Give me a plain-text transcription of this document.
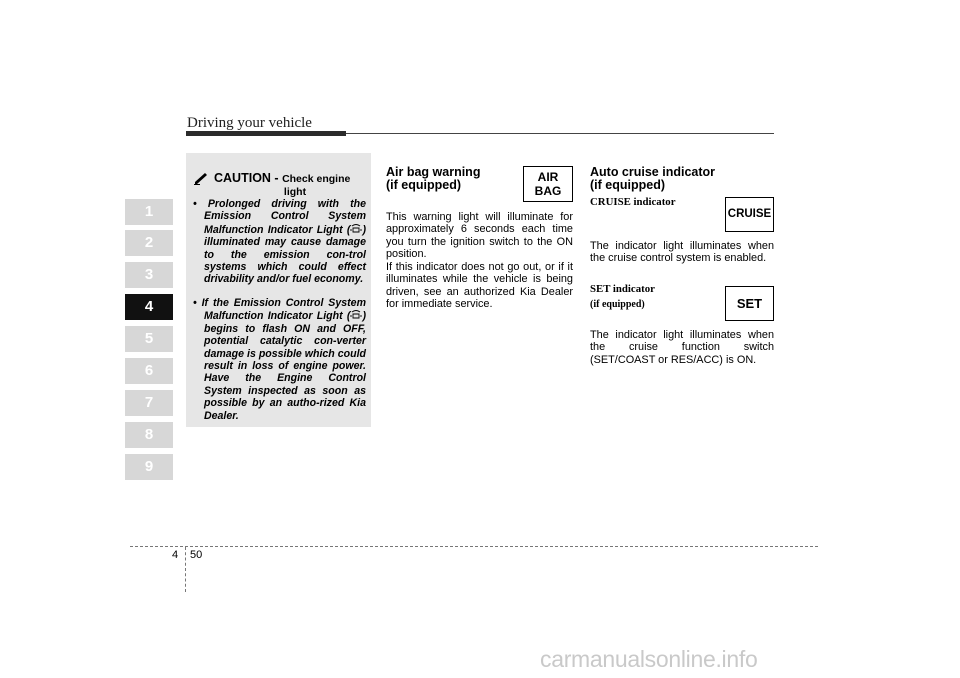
Driving your vehicle
1
2
3
4
5
6
7
8
9
CAUTION - Check engine
light
• Prolonged driving with the Emission Control System Malfunction Indicator Light ( ) illuminated may cause damage to the emission con-trol systems which could effect drivability and/or fuel economy.
• If the Emission Control System Malfunction Indicator Light ( ) begins to flash ON and OFF, potential catalytic con-verter damage is possible which could result in loss of engine power. Have the Engine Control System inspected as soon as possible by an autho-rized Kia Dealer.
Air bag warning
(if equipped)
AIR
BAG
This warning light will illuminate for approximately 6 seconds each time you turn the ignition switch to the ON position.
If this indicator does not go out, or if it illuminates while the vehicle is being driven, see an authorized Kia Dealer for immediate service.
Auto cruise indicator
(if equipped)
CRUISE indicator
CRUISE
The indicator light illuminates when the cruise control system is enabled.
SET indicator
(if equipped)	SET
The indicator light illuminates when the cruise function switch (SET/COAST or RES/ACC) is ON.
4 50
carmanualsonline.info
